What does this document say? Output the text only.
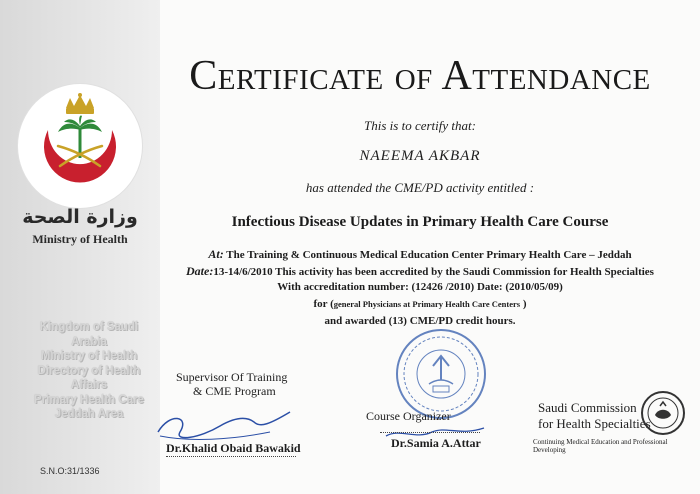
وزارة الصحة
Ministry of Health
Kingdom of Saudi Arabia
Ministry of Health
Directory of Health Affairs
Primary Health Care
Jeddah Area
S.N.O:31/1336
Certificate of Attendance
This is to certify that:
NAEEMA AKBAR
has attended the CME/PD activity entitled :
Infectious Disease Updates in Primary Health Care Course
At: The Training & Continuous Medical Education Center Primary Health Care – Jeddah
Date:13-14/6/2010 This activity has been accredited by the Saudi Commission for Health Specialties
With accreditation number: (12426 /2010) Date: (2010/05/09)
for (general Physicians at Primary Health Care Centers )
and awarded (13) CME/PD credit hours.
Supervisor Of Training
& CME Program
Dr.Khalid Obaid Bawakid
Course Organizer
Dr.Samia A.Attar
Saudi Commission
for Health Specialties
Continuing Medical Education and Professional Developing
